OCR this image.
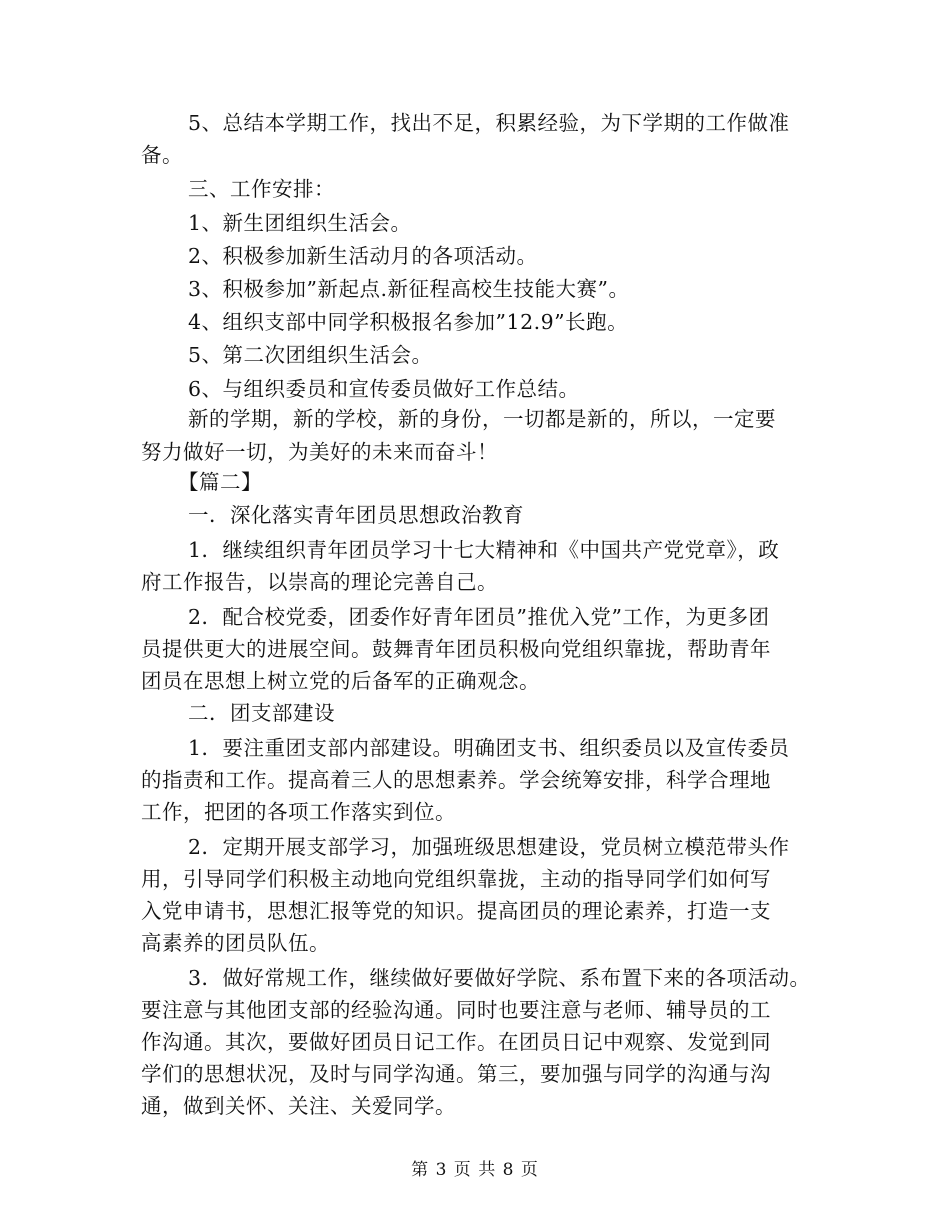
5、总结本学期工作，找出不足，积累经验，为下学期的工作做准
备。
三、工作安排：
1、新生团组织生活会。
2、积极参加新生活动月的各项活动。
3、积极参加”新起点.新征程高校生技能大赛”。
4、组织支部中同学积极报名参加”12.9”长跑。
5、第二次团组织生活会。
6、与组织委员和宣传委员做好工作总结。
新的学期，新的学校，新的身份，一切都是新的，所以，一定要
努力做好一切，为美好的未来而奋斗！
【篇二】
一．深化落实青年团员思想政治教育
1．继续组织青年团员学习十七大精神和《中国共产党党章》，政
府工作报告，以崇高的理论完善自己。
2．配合校党委，团委作好青年团员”推优入党”工作，为更多团
员提供更大的进展空间。鼓舞青年团员积极向党组织靠拢，帮助青年
团员在思想上树立党的后备军的正确观念。
二．团支部建设
1．要注重团支部内部建设。明确团支书、组织委员以及宣传委员
的指责和工作。提高着三人的思想素养。学会统筹安排，科学合理地
工作，把团的各项工作落实到位。
2．定期开展支部学习，加强班级思想建设，党员树立模范带头作
用，引导同学们积极主动地向党组织靠拢，主动的指导同学们如何写
入党申请书，思想汇报等党的知识。提高团员的理论素养，打造一支
高素养的团员队伍。
3．做好常规工作，继续做好要做好学院、系布置下来的各项活动。
要注意与其他团支部的经验沟通。同时也要注意与老师、辅导员的工
作沟通。其次，要做好团员日记工作。在团员日记中观察、发觉到同
学们的思想状况，及时与同学沟通。第三，要加强与同学的沟通与沟
通，做到关怀、关注、关爱同学。
第 3 页 共 8 页
